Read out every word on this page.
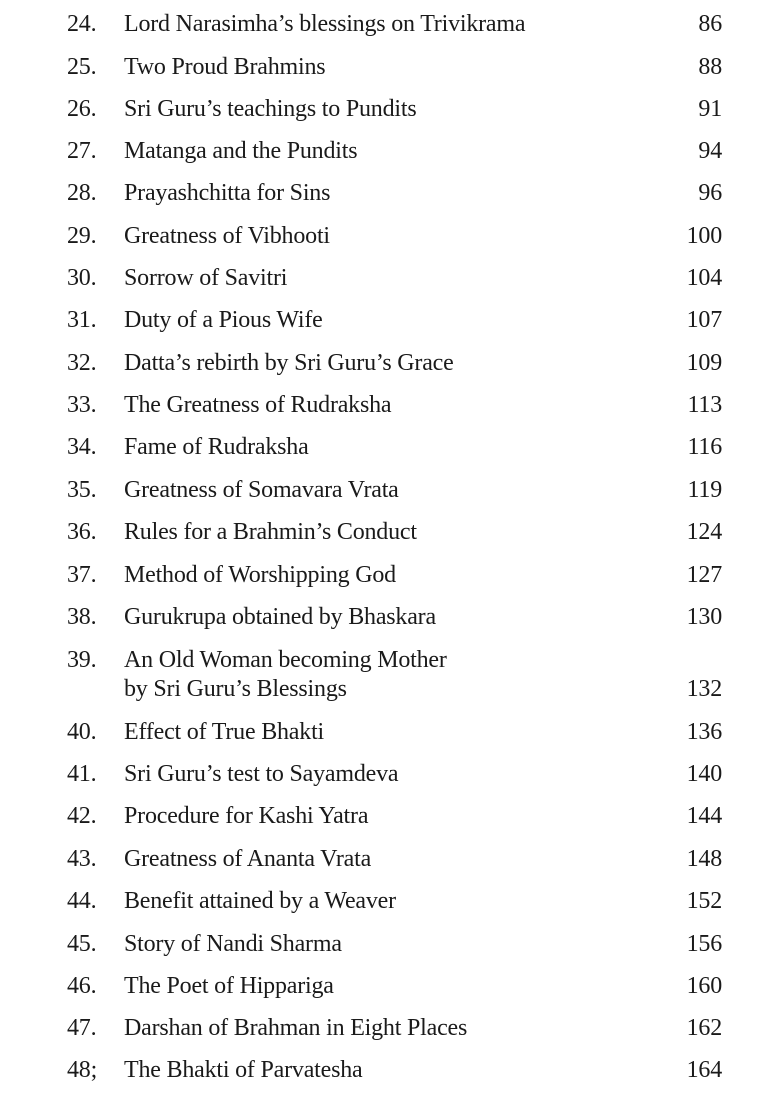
24.	Lord Narasimha’s blessings on Trivikrama	86
25.	Two Proud Brahmins	88
26.	Sri Guru’s teachings to Pundits	91
27.	Matanga and the Pundits	94
28.	Prayashchitta for Sins	96
29.	Greatness of Vibhooti	100
30.	Sorrow of Savitri	104
31.	Duty of a Pious Wife	107
32.	Datta’s rebirth by Sri Guru’s Grace	109
33.	The Greatness of Rudraksha	113
34.	Fame of Rudraksha	116
35.	Greatness of Somavara Vrata	119
36.	Rules for a Brahmin’s Conduct	124
37.	Method of Worshipping God	127
38.	Gurukrupa obtained by Bhaskara	130
39.	An Old Woman becoming Mother
by Sri Guru’s Blessings	132
40.	Effect of True Bhakti	136
41.	Sri Guru’s test to Sayamdeva	140
42.	Procedure for Kashi Yatra	144
43.	Greatness of Ananta Vrata	148
44.	Benefit attained by a Weaver	152
45.	Story of Nandi Sharma	156
46.	The Poet of Hippariga	160
47.	Darshan of Brahman in Eight Places	162
48;	The Bhakti of Parvatesha	164
